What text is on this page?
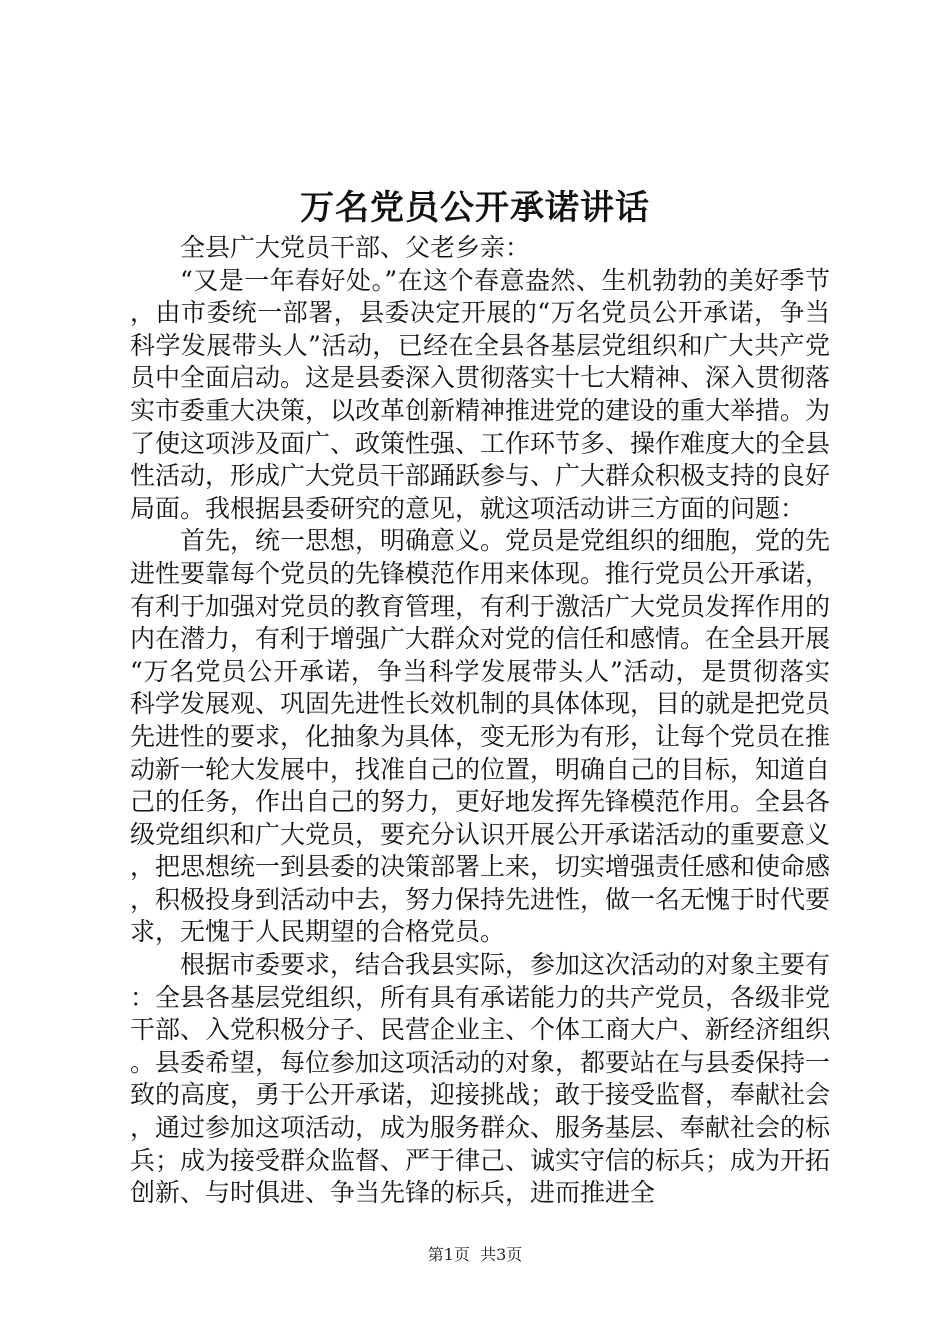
万名党员公开承诺讲话

全县广大党员干部、父老乡亲：

“又是一年春好处。”在这个春意盎然、生机勃勃的美好季节，由市委统一部署，县委决定开展的“万名党员公开承诺，争当科学发展带头人”活动，已经在全县各基层党组织和广大共产党员中全面启动。这是县委深入贯彻落实十七大精神、深入贯彻落实市委重大决策，以改革创新精神推进党的建设的重大举措。为了使这项涉及面广、政策性强、工作环节多、操作难度大的全县性活动，形成广大党员干部踊跃参与、广大群众积极支持的良好局面。我根据县委研究的意见，就这项活动讲三方面的问题：

首先，统一思想，明确意义。党员是党组织的细胞，党的先进性要靠每个党员的先锋模范作用来体现。推行党员公开承诺，有利于加强对党员的教育管理，有利于激活广大党员发挥作用的内在潜力，有利于增强广大群众对党的信任和感情。在全县开展“万名党员公开承诺，争当科学发展带头人”活动，是贯彻落实科学发展观、巩固先进性长效机制的具体体现，目的就是把党员先进性的要求，化抽象为具体，变无形为有形，让每个党员在推动新一轮大发展中，找准自己的位置，明确自己的目标，知道自己的任务，作出自己的努力，更好地发挥先锋模范作用。全县各级党组织和广大党员，要充分认识开展公开承诺活动的重要意义，把思想统一到县委的决策部署上来，切实增强责任感和使命感，积极投身到活动中去，努力保持先进性，做一名无愧于时代要求，无愧于人民期望的合格党员。

根据市委要求，结合我县实际，参加这次活动的对象主要有：全县各基层党组织，所有具有承诺能力的共产党员，各级非党干部、入党积极分子、民营企业主、个体工商大户、新经济组织。县委希望，每位参加这项活动的对象，都要站在与县委保持一致的高度，勇于公开承诺，迎接挑战；敢于接受监督，奉献社会，通过参加这项活动，成为服务群众、服务基层、奉献社会的标兵；成为接受群众监督、严于律己、诚实守信的标兵；成为开拓创新、与时俱进、争当先锋的标兵，进而推进全

第1页 共3页
